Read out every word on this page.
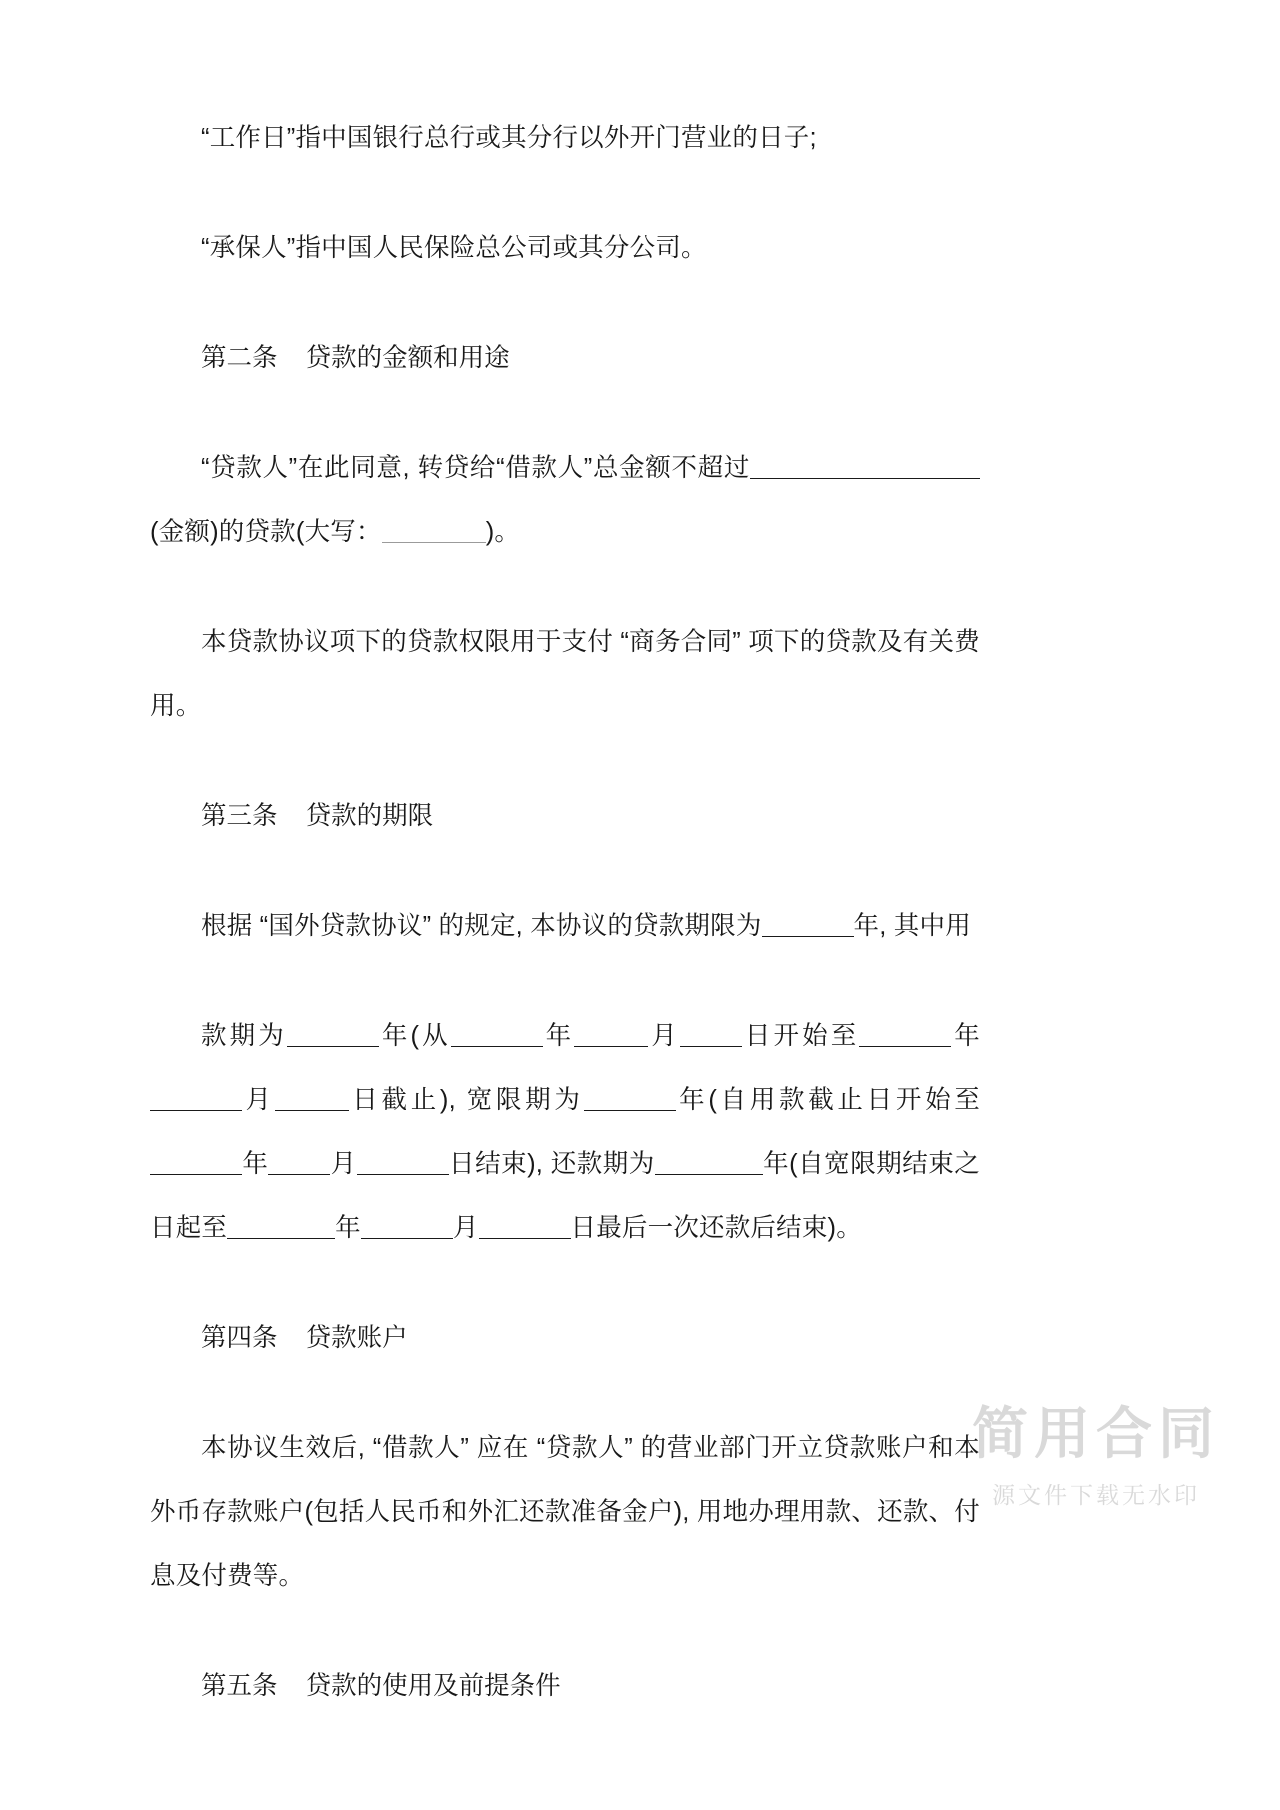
“工作日”指中国银行总行或其分行以外开门营业的日子;

“承保人”指中国人民保险总公司或其分公司。

第二条 贷款的金额和用途

“贷款人”在此同意, 转贷给“借款人”总金额不超过(金额)的贷款(大写：	)。

本贷款协议项下的贷款权限用于支付 “商务合同” 项下的贷款及有关费用。

第三条 贷款的期限

根据 “国外贷款协议” 的规定, 本协议的贷款期限为	年, 其中用

款期为	年(从	年	月 日开始至	年月	日截止), 宽限期为	年(自用款截止日开始至年 月	日结束), 还款期为	年(自宽限期结束之日起至	年	月	日最后一次还款后结束)。

第四条 贷款账户

本协议生效后, “借款人” 应在 “贷款人” 的营业部门开立贷款账户和本外币存款账户(包括人民币和外汇还款准备金户), 用地办理用款、还款、付息及付费等。

第五条 贷款的使用及前提条件

简用合同
源文件下载无水印
